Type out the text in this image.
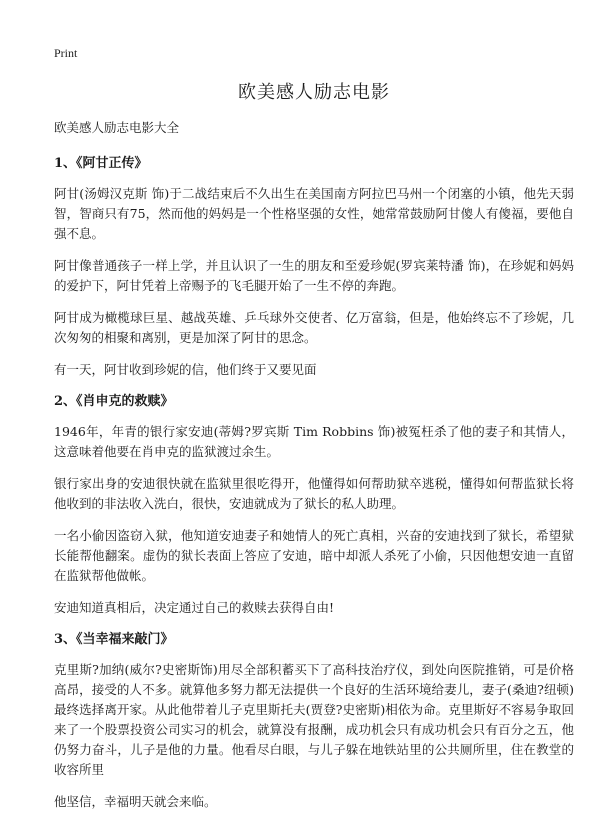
Print
欧美感人励志电影

欧美感人励志电影大全

1、《阿甘正传》

阿甘(汤姆汉克斯 饰)于二战结束后不久出生在美国南方阿拉巴马州一个闭塞的小镇，他先天弱智，智商只有75，然而他的妈妈是一个性格坚强的女性，她常常鼓励阿甘傻人有傻福，要他自强不息。

阿甘像普通孩子一样上学，并且认识了一生的朋友和至爱珍妮(罗宾莱特潘 饰)，在珍妮和妈妈的爱护下，阿甘凭着上帝赐予的飞毛腿开始了一生不停的奔跑。

阿甘成为橄榄球巨星、越战英雄、乒乓球外交使者、亿万富翁，但是，他始终忘不了珍妮，几次匆匆的相聚和离别，更是加深了阿甘的思念。

有一天，阿甘收到珍妮的信，他们终于又要见面

2、《肖申克的救赎》

1946年，年青的银行家安迪(蒂姆?罗宾斯 Tim Robbins 饰)被冤枉杀了他的妻子和其情人，这意味着他要在肖申克的监狱渡过余生。

银行家出身的安迪很快就在监狱里很吃得开，他懂得如何帮助狱卒逃税，懂得如何帮监狱长将他收到的非法收入洗白，很快，安迪就成为了狱长的私人助理。

一名小偷因盗窃入狱，他知道安迪妻子和她情人的死亡真相，兴奋的安迪找到了狱长，希望狱长能帮他翻案。虚伪的狱长表面上答应了安迪，暗中却派人杀死了小偷，只因他想安迪一直留在监狱帮他做帐。

安迪知道真相后，决定通过自己的救赎去获得自由!

3、《当幸福来敲门》

克里斯?加纳(威尔?史密斯饰)用尽全部积蓄买下了高科技治疗仪，到处向医院推销，可是价格高昂，接受的人不多。就算他多努力都无法提供一个良好的生活环境给妻儿，妻子(桑迪?纽顿)最终选择离开家。从此他带着儿子克里斯托夫(贾登?史密斯)相依为命。克里斯好不容易争取回来了一个股票投资公司实习的机会，就算没有报酬，成功机会只有成功机会只有百分之五，他仍努力奋斗，儿子是他的力量。他看尽白眼，与儿子躲在地铁站里的公共厕所里，住在教堂的收容所里

他坚信，幸福明天就会来临。
